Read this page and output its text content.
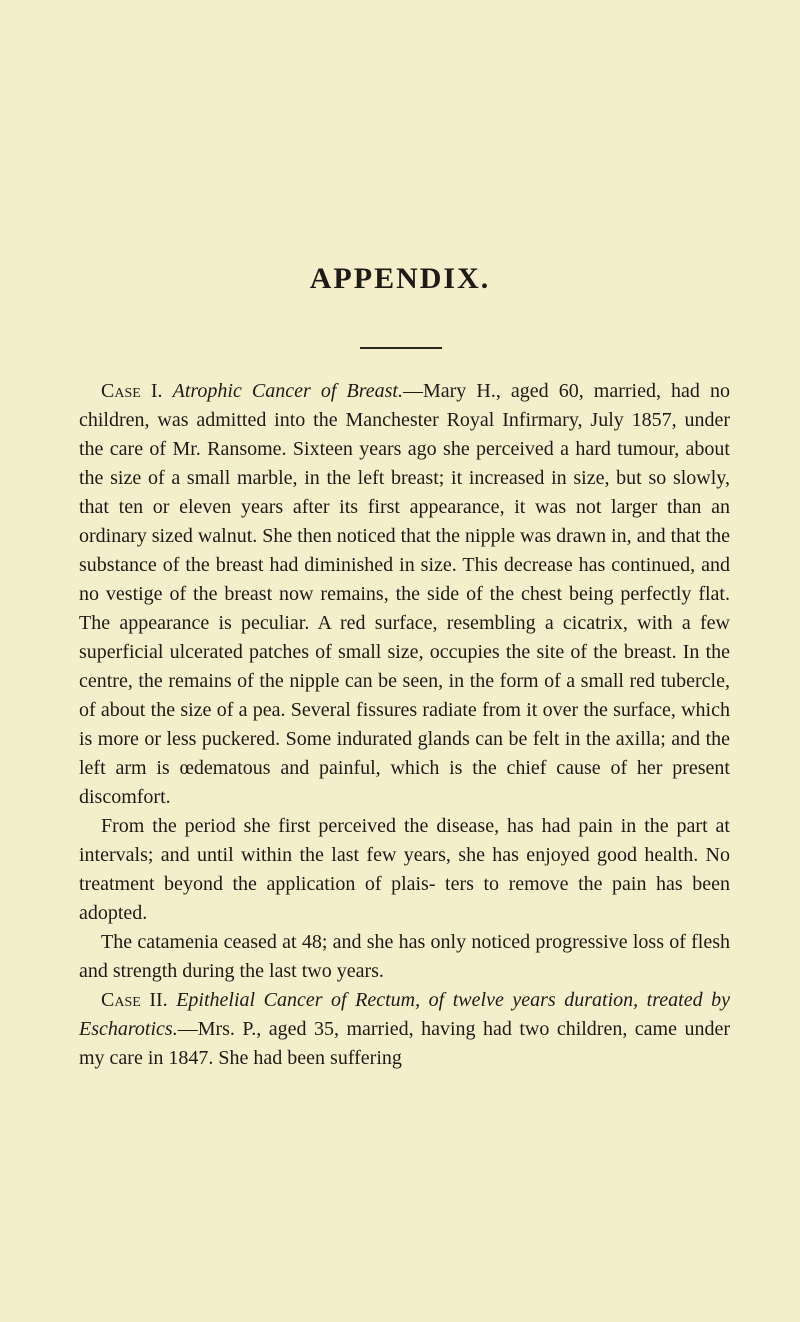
APPENDIX.

Case I. Atrophic Cancer of Breast.—Mary H., aged 60, married, had no children, was admitted into the Manchester Royal Infirmary, July 1857, under the care of Mr. Ransome. Sixteen years ago she perceived a hard tumour, about the size of a small marble, in the left breast; it increased in size, but so slowly, that ten or eleven years after its first appearance, it was not larger than an ordinary sized walnut. She then noticed that the nipple was drawn in, and that the substance of the breast had diminished in size. This decrease has continued, and no vestige of the breast now remains, the side of the chest being perfectly flat. The appearance is peculiar. A red surface, resembling a cicatrix, with a few superficial ulcerated patches of small size, occupies the site of the breast. In the centre, the remains of the nipple can be seen, in the form of a small red tubercle, of about the size of a pea. Several fissures radiate from it over the surface, which is more or less puckered. Some indurated glands can be felt in the axilla; and the left arm is œdematous and painful, which is the chief cause of her present discomfort.

From the period she first perceived the disease, has had pain in the part at intervals; and until within the last few years, she has enjoyed good health. No treatment beyond the application of plais- ters to remove the pain has been adopted.

The catamenia ceased at 48; and she has only noticed progressive loss of flesh and strength during the last two years.

Case II. Epithelial Cancer of Rectum, of twelve years duration, treated by Escharotics.—Mrs. P., aged 35, married, having had two children, came under my care in 1847. She had been suffering
